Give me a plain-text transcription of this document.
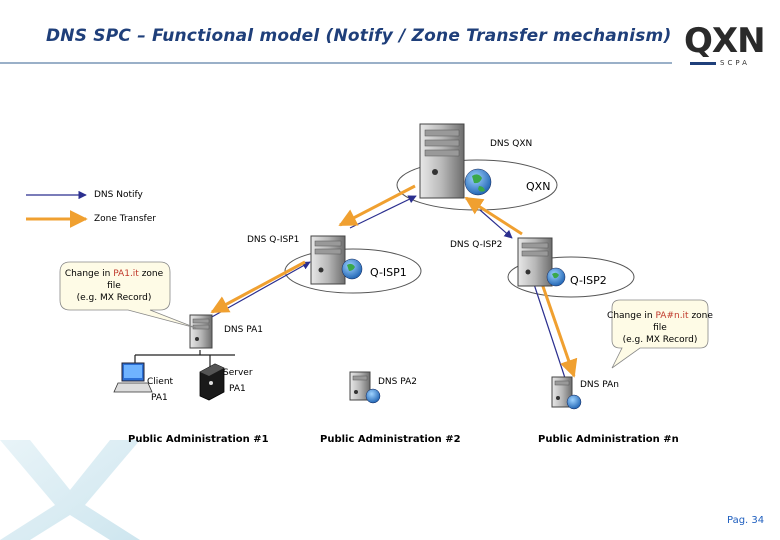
DNS SPC – Functional model (Notify / Zone Transfer mechanism) QXN
SCPA
DNS Notify
Zone Transfer
DNS QXN
QXN
DNS Q-ISP1
Q-ISP1
DNS Q-ISP2
Q-ISP2
DNS PA1
Client
PA1
Server
PA1
DNS PA2	DNS PAn
Change in PA1.it zone
file
(e.g. MX Record)
Change in PA#n.it zone
file
(e.g. MX Record)
Public Administration #1	Public Administration #2	Public Administration #n
Pag. 34
